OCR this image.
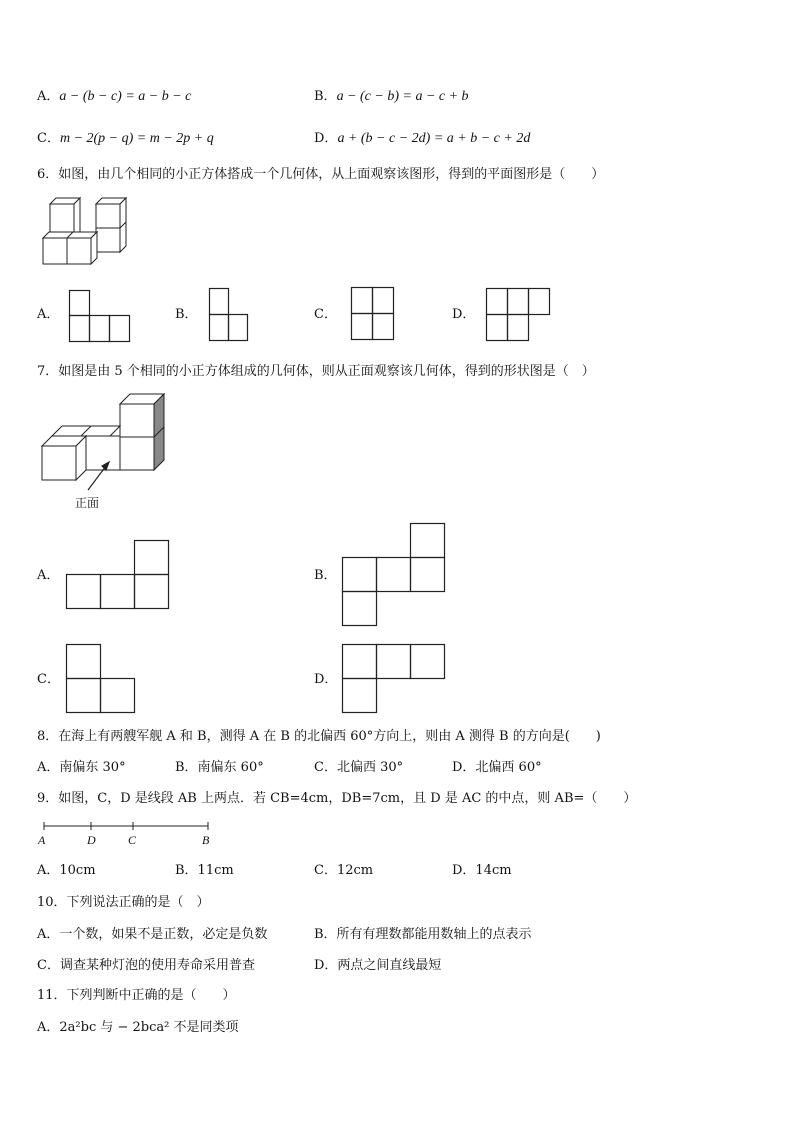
A．a − (b − c) = a − b − c	B．a − (c − b) = a − c + b
C．m − 2(p − q) = m − 2p + q	D．a + (b − c − 2d) = a + b − c + 2d
6．如图，由几个相同的小正方体搭成一个几何体，从上面观察该图形，得到的平面图形是（　　）
A．	B．	C．	D．
7．如图是由 5 个相同的小正方体组成的几何体，则从正面观察该几何体，得到的形状图是（　）
正面
A．	B．
C．	D．
8．在海上有两艘军舰 A 和 B，测得 A 在 B 的北偏西 60°方向上，则由 A 测得 B 的方向是(　　)
A．南偏东 30°	B．南偏东 60°	C．北偏西 30°	D．北偏西 60°
9．如图，C，D 是线段 AB 上两点．若 CB=4cm，DB=7cm，且 D 是 AC 的中点，则 AB=（　　）
A	D	C	B
A．10cm	B．11cm	C．12cm	D．14cm
10．下列说法正确的是（　）
A．一个数，如果不是正数，必定是负数	B．所有有理数都能用数轴上的点表示
C．调查某种灯泡的使用寿命采用普查	D．两点之间直线最短
11．下列判断中正确的是（　　）
A．2a²bc 与 − 2bca² 不是同类项
